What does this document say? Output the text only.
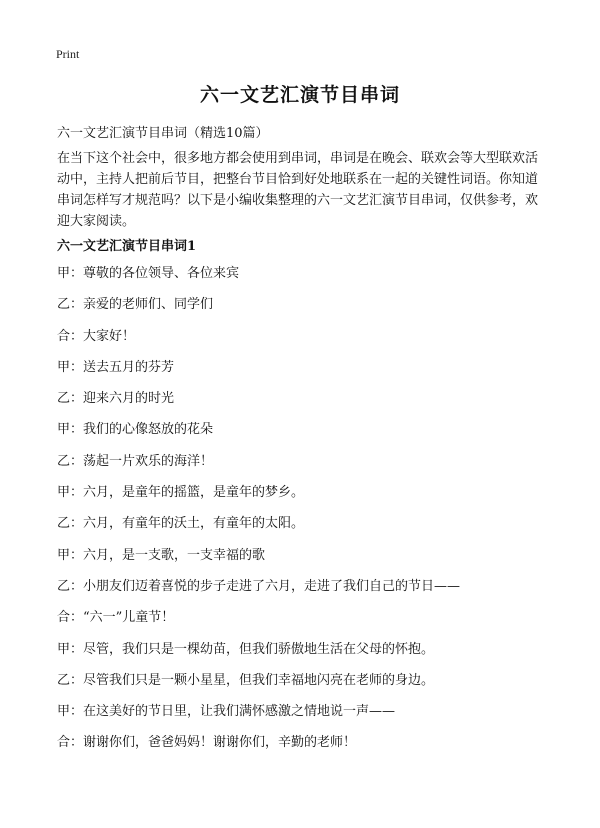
Print
六一文艺汇演节目串词
六一文艺汇演节目串词（精选10篇）

在当下这个社会中，很多地方都会使用到串词，串词是在晚会、联欢会等大型联欢活动中，主持人把前后节目，把整台节目恰到好处地联系在一起的关键性词语。你知道串词怎样写才规范吗？以下是小编收集整理的六一文艺汇演节目串词，仅供参考，欢迎大家阅读。

六一文艺汇演节目串词1
甲：尊敬的各位领导、各位来宾
乙：亲爱的老师们、同学们
合：大家好！
甲：送去五月的芬芳
乙：迎来六月的时光
甲：我们的心像怒放的花朵
乙：荡起一片欢乐的海洋！
甲：六月，是童年的摇篮，是童年的梦乡。
乙：六月，有童年的沃土，有童年的太阳。
甲：六月，是一支歌，一支幸福的歌
乙：小朋友们迈着喜悦的步子走进了六月，走进了我们自己的节日——
合：“六一”儿童节！
甲：尽管，我们只是一棵幼苗，但我们骄傲地生活在父母的怀抱。
乙：尽管我们只是一颗小星星，但我们幸福地闪亮在老师的身边。
甲：在这美好的节日里，让我们满怀感激之情地说一声——
合：谢谢你们，爸爸妈妈！谢谢你们，辛勤的老师！
